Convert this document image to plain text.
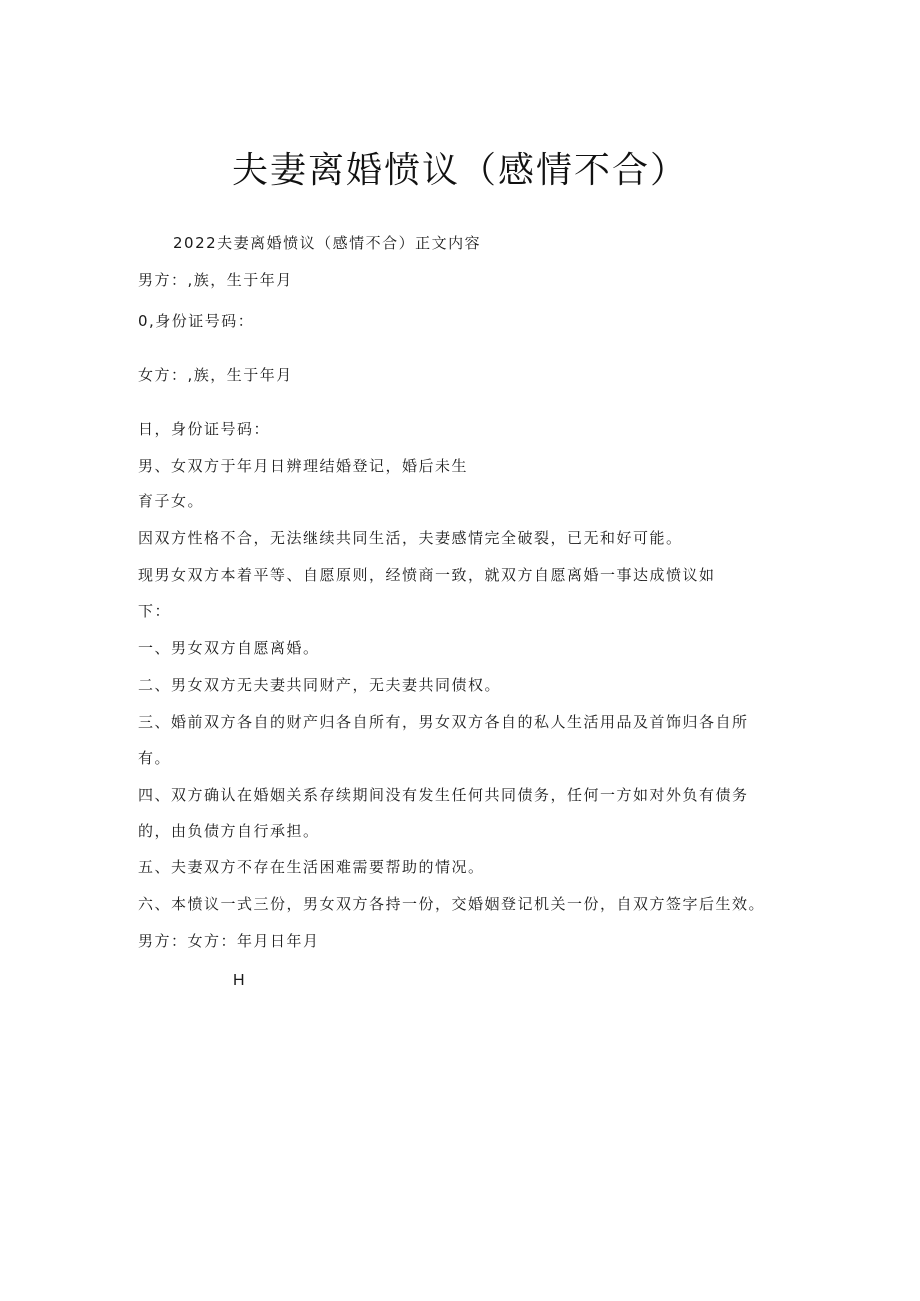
夫妻离婚愤议（感情不合）
2022夫妻离婚愤议（感情不合）正文内容
男方：,族，生于年月
0,身份证号码：
女方：,族，生于年月
日，身份证号码：
男、女双方于年月日辨理结婚登记，婚后未生
育子女。
因双方性格不合，无法继续共同生活，夫妻感情完全破裂，已无和好可能。
现男女双方本着平等、自愿原则，经愤商一致，就双方自愿离婚一事达成愤议如
下：
一、男女双方自愿离婚。
二、男女双方无夫妻共同财产，无夫妻共同债权。
三、婚前双方各自的财产归各自所有，男女双方各自的私人生活用品及首饰归各自所
有。
四、双方确认在婚姻关系存续期间没有发生任何共同债务，任何一方如对外负有债务
的，由负债方自行承担。
五、夫妻双方不存在生活困难需要帮助的情况。
六、本愤议一式三份，男女双方各持一份，交婚姻登记机关一份，自双方签字后生效。
男方：女方：年月日年月
H
